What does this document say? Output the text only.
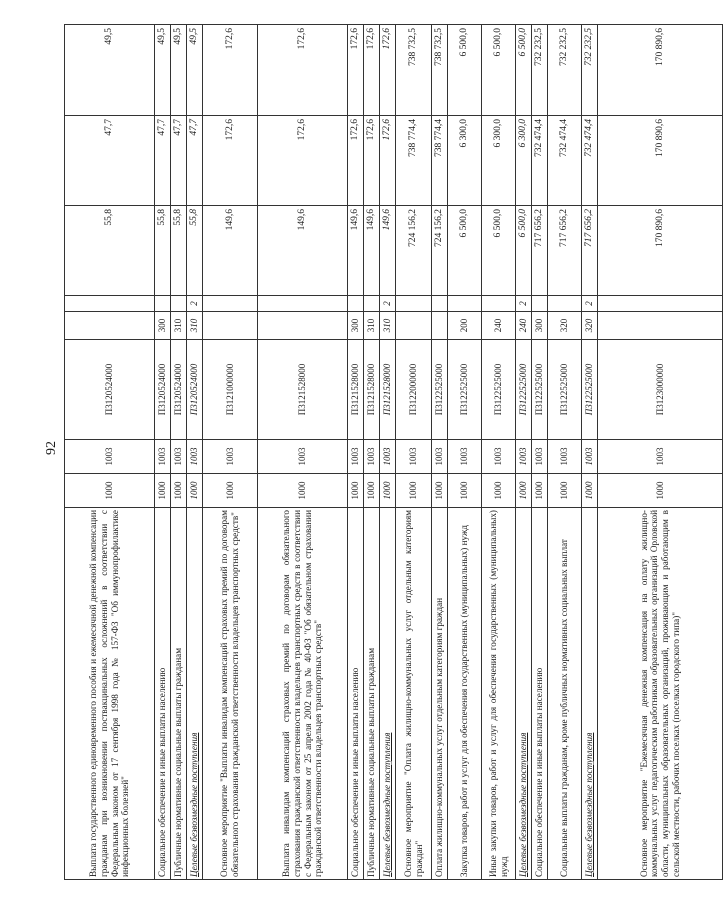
92
Выплата государственного единовременного пособия и ежемесячной денежной компенсации гражданам при возникновении поствакцинальных осложнений в соответствии с Федеральным законом от 17 сентября 1998 года № 157-ФЗ "Об иммунопрофилактике инфекционных болезней"	1000	1003	П3120524000			55,8	47,7	49,5
Социальное обеспечение и иные выплаты населению	1000	1003	П3120524000	300		55,8	47,7	49,5
Публичные нормативные социальные выплаты гражданам	1000	1003	П3120524000	310		55,8	47,7	49,5
Целевые безвозмездные поступления	1000	1003	П3120524000	310	2	55,8	47,7	49,5
Основное мероприятие "Выплаты инвалидам компенсаций страховых премий по договорам обязательного страхования гражданской ответственности владельцев транспортных средств"	1000	1003	П3121000000			149,6	172,6	172,6
Выплата инвалидам компенсаций страховых премий по договорам обязательного страхования гражданской ответственности владельцев транспортных средств в соответствии с Федеральным законом от 25 апреля 2002 года № 40-ФЗ "Об обязательном страховании гражданской ответственности владельцев транспортных средств"	1000	1003	П3121528000			149,6	172,6	172,6
Социальное обеспечение и иные выплаты населению	1000	1003	П3121528000	300		149,6	172,6	172,6
Публичные нормативные социальные выплаты гражданам	1000	1003	П3121528000	310		149,6	172,6	172,6
Целевые безвозмездные поступления	1000	1003	П3121528000	310	2	149,6	172,6	172,6
Основное мероприятие "Оплата жилищно-коммунальных услуг отдельным категориям граждан"	1000	1003	П3122000000			724 156,2	738 774,4	738 732,5
Оплата жилищно-коммунальных услуг отдельным категориям граждан	1000	1003	П3122525000			724 156,2	738 774,4	738 732,5
Закупка товаров, работ и услуг для обеспечения государственных (муниципальных) нужд	1000	1003	П3122525000	200		6 500,0	6 300,0	6 500,0
Иные закупки товаров, работ и услуг для обеспечения государственных (муниципальных) нужд	1000	1003	П3122525000	240		6 500,0	6 300,0	6 500,0
Целевые безвозмездные поступления	1000	1003	П3122525000	240	2	6 500,0	6 300,0	6 500,0
Социальное обеспечение и иные выплаты населению	1000	1003	П3122525000	300		717 656,2	732 474,4	732 232,5
Социальные выплаты гражданам, кроме публичных нормативных социальных выплат	1000	1003	П3122525000	320		717 656,2	732 474,4	732 232,5
Целевые безвозмездные поступления	1000	1003	П3122525000	320	2	717 656,2	732 474,4	732 232,5
Основное мероприятие "Ежемесячная денежная компенсация на оплату жилищно-коммунальных услуг педагогическим работникам образовательных организаций Орловской области, муниципальных образовательных организаций, проживающим и работающим в сельской местности, рабочих поселках (поселках городского типа)"	1000	1003	П3123000000			170 890,6	170 890,6	170 890,6
